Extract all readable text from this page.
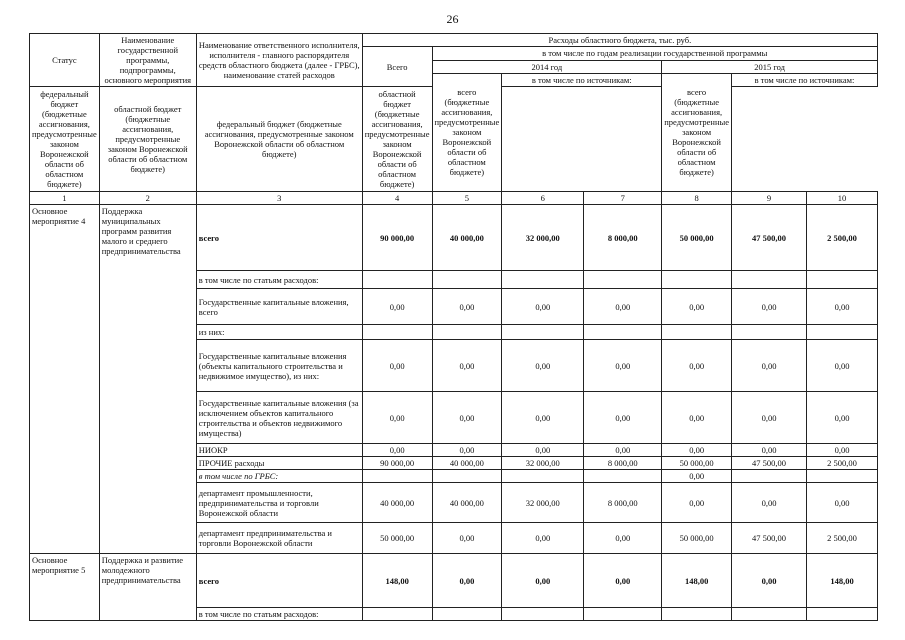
26
Статус	Наименование государственной программы, подпрограммы, основного мероприятия	Наименование ответственного исполнителя, исполнителя - главного распорядителя средств областного бюджета (далее - ГРБС), наименование статей расходов	Расходы областного бюджета, тыс. руб.						
			Всего	в том числе по годам реализации государственной программы					
				2014 год			2015 год		
				всего (бюджетные ассигнования, предусмотренные законом Воронежской области об областном бюджете)	в том числе по источникам:		всего (бюджетные ассигнования, предусмотренные законом Воронежской области об областном бюджете)	в том числе по источникам:	
федеральный бюджет (бюджетные ассигнования, предусмотренные законом Воронежской области об областном бюджете)	областной бюджет (бюджетные ассигнования, предусмотренные законом Воронежской области об областном бюджете)	федеральный бюджет (бюджетные ассигнования, предусмотренные законом Воронежской области об областном бюджете)	областной бюджет (бюджетные ассигнования, предусмотренные законом Воронежской области об областном бюджете)						
1	2	3	4	5	6	7	8	9	10
Основное мероприятие 4	Поддержка муниципальных программ развития малого и среднего предпринимательства	всего	90 000,00	40 000,00	32 000,00	8 000,00	50 000,00	47 500,00	2 500,00
		в том числе по статьям расходов:							
		Государственные капитальные вложения, всего	0,00	0,00	0,00	0,00	0,00	0,00	0,00
		из них:							
		Государственные капитальные вложения (объекты капитального строительства и недвижимое имущество), из них:	0,00	0,00	0,00	0,00	0,00	0,00	0,00
		Государственные капитальные вложения (за исключением объектов капитального строительства и объектов недвижимого имущества)	0,00	0,00	0,00	0,00	0,00	0,00	0,00
		НИОКР	0,00	0,00	0,00	0,00	0,00	0,00	0,00
		ПРОЧИЕ расходы	90 000,00	40 000,00	32 000,00	8 000,00	50 000,00	47 500,00	2 500,00
		в том числе по ГРБС:					0,00		
		департамент промышленности, предпринимательства и торговли Воронежской области	40 000,00	40 000,00	32 000,00	8 000,00	0,00	0,00	0,00
		департамент предпринимательства и торговли Воронежской области	50 000,00	0,00	0,00	0,00	50 000,00	47 500,00	2 500,00
Основное мероприятие 5	Поддержка и развитие молодежного предпринимательства	всего	148,00	0,00	0,00	0,00	148,00	0,00	148,00
		в том числе по статьям расходов:							
